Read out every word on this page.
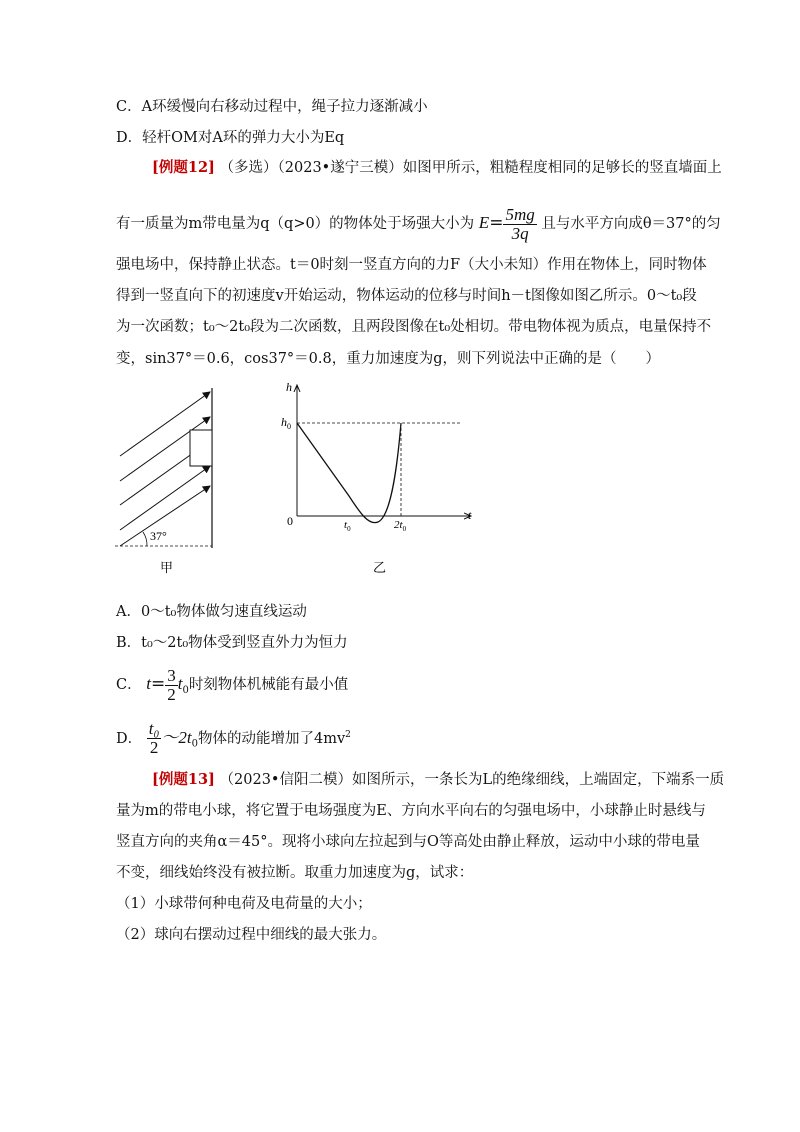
C．A环缓慢向右移动过程中，绳子拉力逐渐减小
D．轻杆OM对A环的弹力大小为Eq
[例题12] （多选）（2023•遂宁三模）如图甲所示，粗糙程度相同的足够长的竖直墙面上
有一质量为m带电量为q（q>0）的物体处于场强大小为 $E= \frac{5mg}{3q}$ 且与水平方向成θ＝37°的匀
强电场中，保持静止状态。t＝0时刻一竖直方向的力F（大小未知）作用在物体上，同时物体
得到一竖直向下的初速度v开始运动，物体运动的位移与时间h－t图像如图乙所示。0～t₀段
为一次函数；t₀～2t₀段为二次函数，且两段图像在t₀处相切。带电物体视为质点，电量保持不
变，sin37°＝0.6，cos37°＝0.8，重力加速度为g，则下列说法中正确的是（　　）
37°
甲
h
t
$h_0$
0	$t_0$	$2t_0$
乙
A．0～t₀物体做匀速直线运动
B．t₀～2t₀物体受到竖直外力为恒力
C． $t= \frac{3}{2} t_0$时刻物体机械能有最小值
D． $\frac{\text{t₀}}{2}$ $\sim 2t_0$物体的动能增加了$4mv^2$
[例题13] （2023•信阳二模）如图所示，一条长为L的绝缘细线，上端固定，下端系一质
量为m的带电小球，将它置于电场强度为E、方向水平向右的匀强电场中，小球静止时悬线与
竖直方向的夹角α＝45°。现将小球向左拉起到与O等高处由静止释放，运动中小球的带电量
不变，细线始终没有被拉断。取重力加速度为g，试求：
（1）小球带何种电荷及电荷量的大小；
（2）球向右摆动过程中细线的最大张力。
